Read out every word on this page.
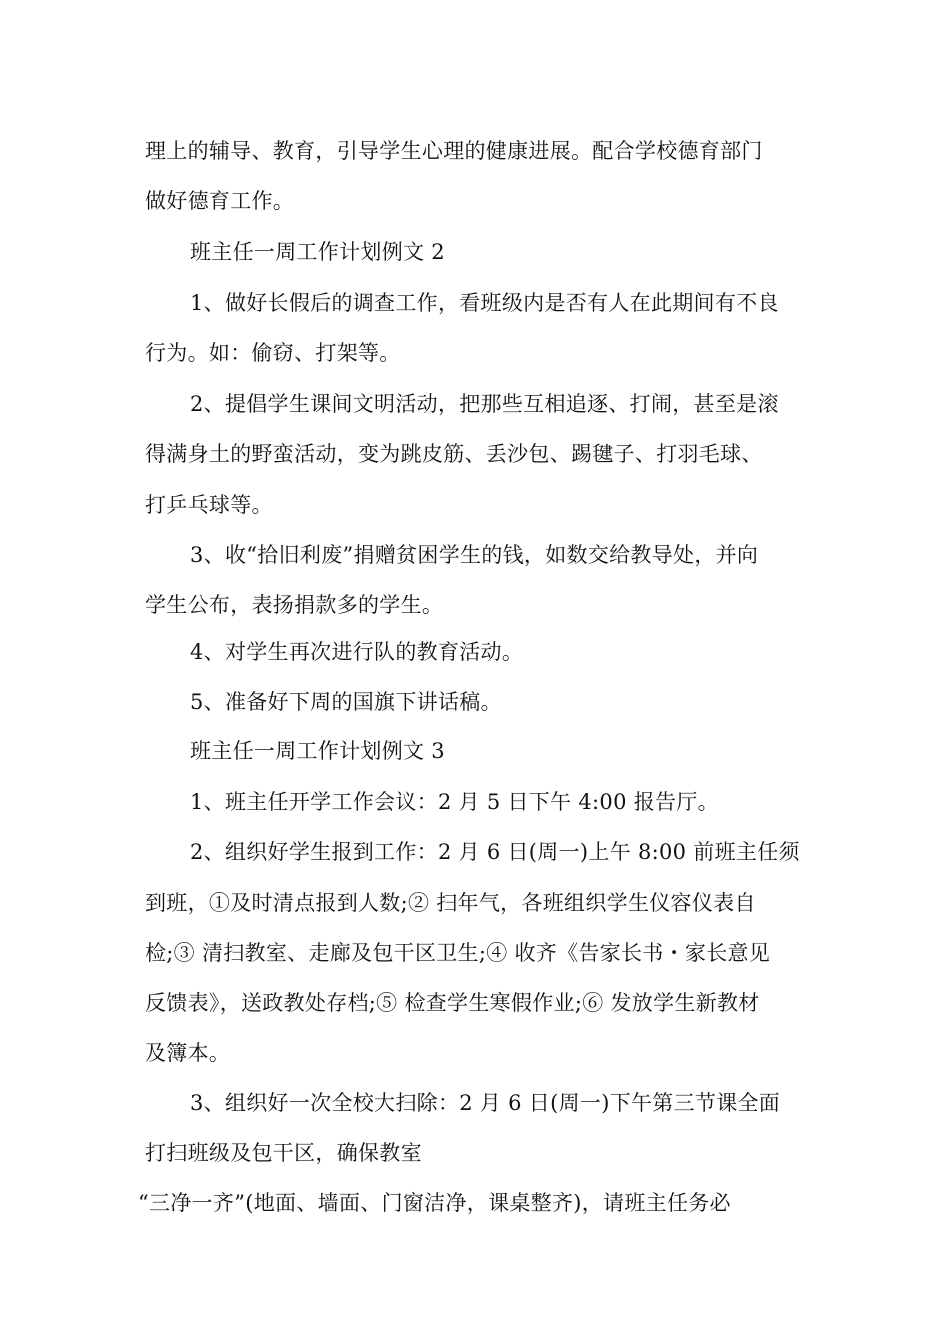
理上的辅导、教育，引导学生心理的健康进展。配合学校德育部门
做好德育工作。
班主任一周工作计划例文 2
1、做好长假后的调查工作，看班级内是否有人在此期间有不良
行为。如：偷窃、打架等。
2、提倡学生课间文明活动，把那些互相追逐、打闹，甚至是滚
得满身土的野蛮活动，变为跳皮筋、丢沙包、踢毽子、打羽毛球、
打乒乓球等。
3、收“拾旧利废”捐赠贫困学生的钱，如数交给教导处，并向
学生公布，表扬捐款多的学生。
4、对学生再次进行队的教育活动。
5、准备好下周的国旗下讲话稿。
班主任一周工作计划例文 3
1、班主任开学工作会议：2 月 5 日下午 4:00 报告厅。
2、组织好学生报到工作：2 月 6 日(周一)上午 8:00 前班主任须
到班，①及时清点报到人数;② 扫年气，各班组织学生仪容仪表自
检;③ 清扫教室、走廊及包干区卫生;④ 收齐《告家长书・家长意见
反馈表》，送政教处存档;⑤ 检查学生寒假作业;⑥ 发放学生新教材
及簿本。
3、组织好一次全校大扫除：2 月 6 日(周一)下午第三节课全面
打扫班级及包干区，确保教室
“三净一齐”(地面、墙面、门窗洁净，课桌整齐)，请班主任务必
